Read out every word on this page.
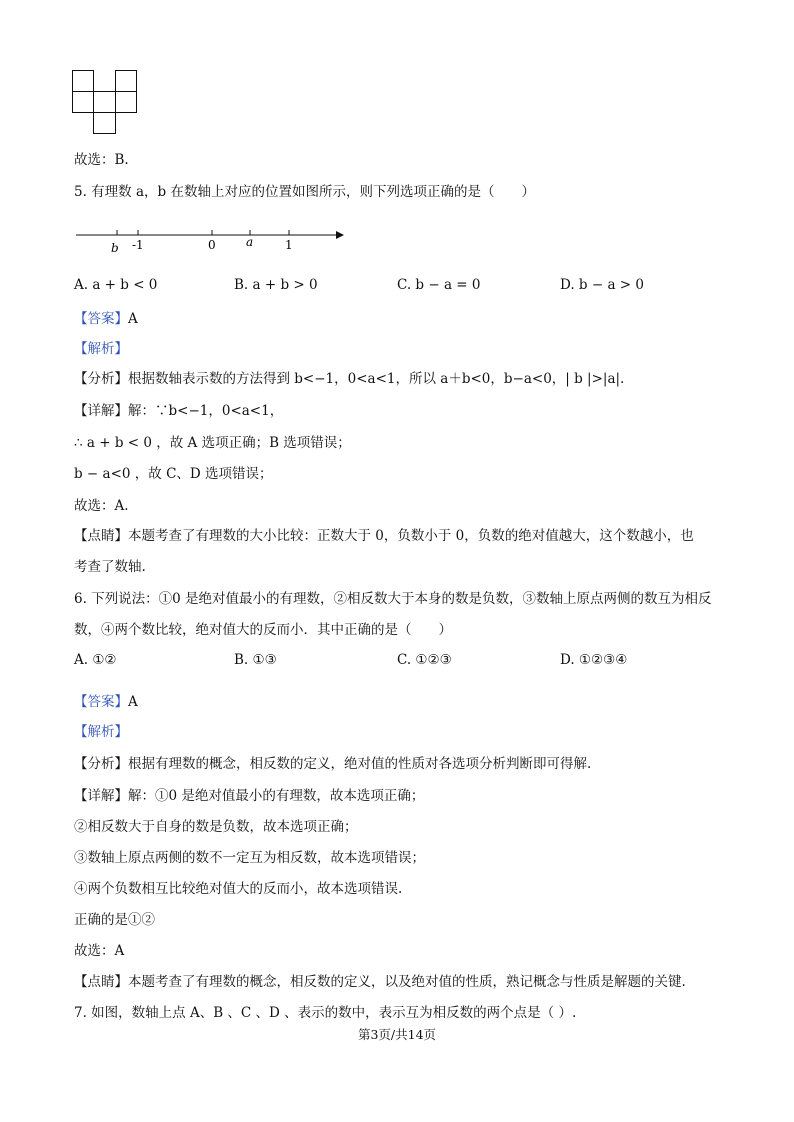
故选：B.
5. 有理数 a，b 在数轴上对应的位置如图所示，则下列选项正确的是（　　）
b -1	0	a	1
A. a + b < 0	B. a + b > 0	C. b − a = 0	D. b − a > 0
【答案】A
【解析】
【分析】根据数轴表示数的方法得到 b<−1，0<a<1，所以 a＋b<0，b−a<0，| b |>|a|.
【详解】解：∵b<−1，0<a<1，
∴ a + b < 0 ，故 A 选项正确；B 选项错误；
b − a<0 ，故 C、D 选项错误；
故选：A.
【点睛】本题考查了有理数的大小比较：正数大于 0，负数小于 0，负数的绝对值越大，这个数越小，也
考查了数轴.
6. 下列说法：①0 是绝对值最小的有理数，②相反数大于本身的数是负数，③数轴上原点两侧的数互为相反
数，④两个数比较，绝对值大的反而小．其中正确的是（　　）
A. ①②	B. ①③	C. ①②③	D. ①②③④
【答案】A
【解析】
【分析】根据有理数的概念，相反数的定义，绝对值的性质对各选项分析判断即可得解.
【详解】解：①0 是绝对值最小的有理数，故本选项正确；
②相反数大于自身的数是负数，故本选项正确；
③数轴上原点两侧的数不一定互为相反数，故本选项错误；
④两个负数相互比较绝对值大的反而小，故本选项错误.
正确的是①②
故选：A
【点睛】本题考查了有理数的概念，相反数的定义，以及绝对值的性质，熟记概念与性质是解题的关键.
7. 如图，数轴上点 A、B 、C 、D 、表示的数中，表示互为相反数的两个点是（ ）.
第3页/共14页
